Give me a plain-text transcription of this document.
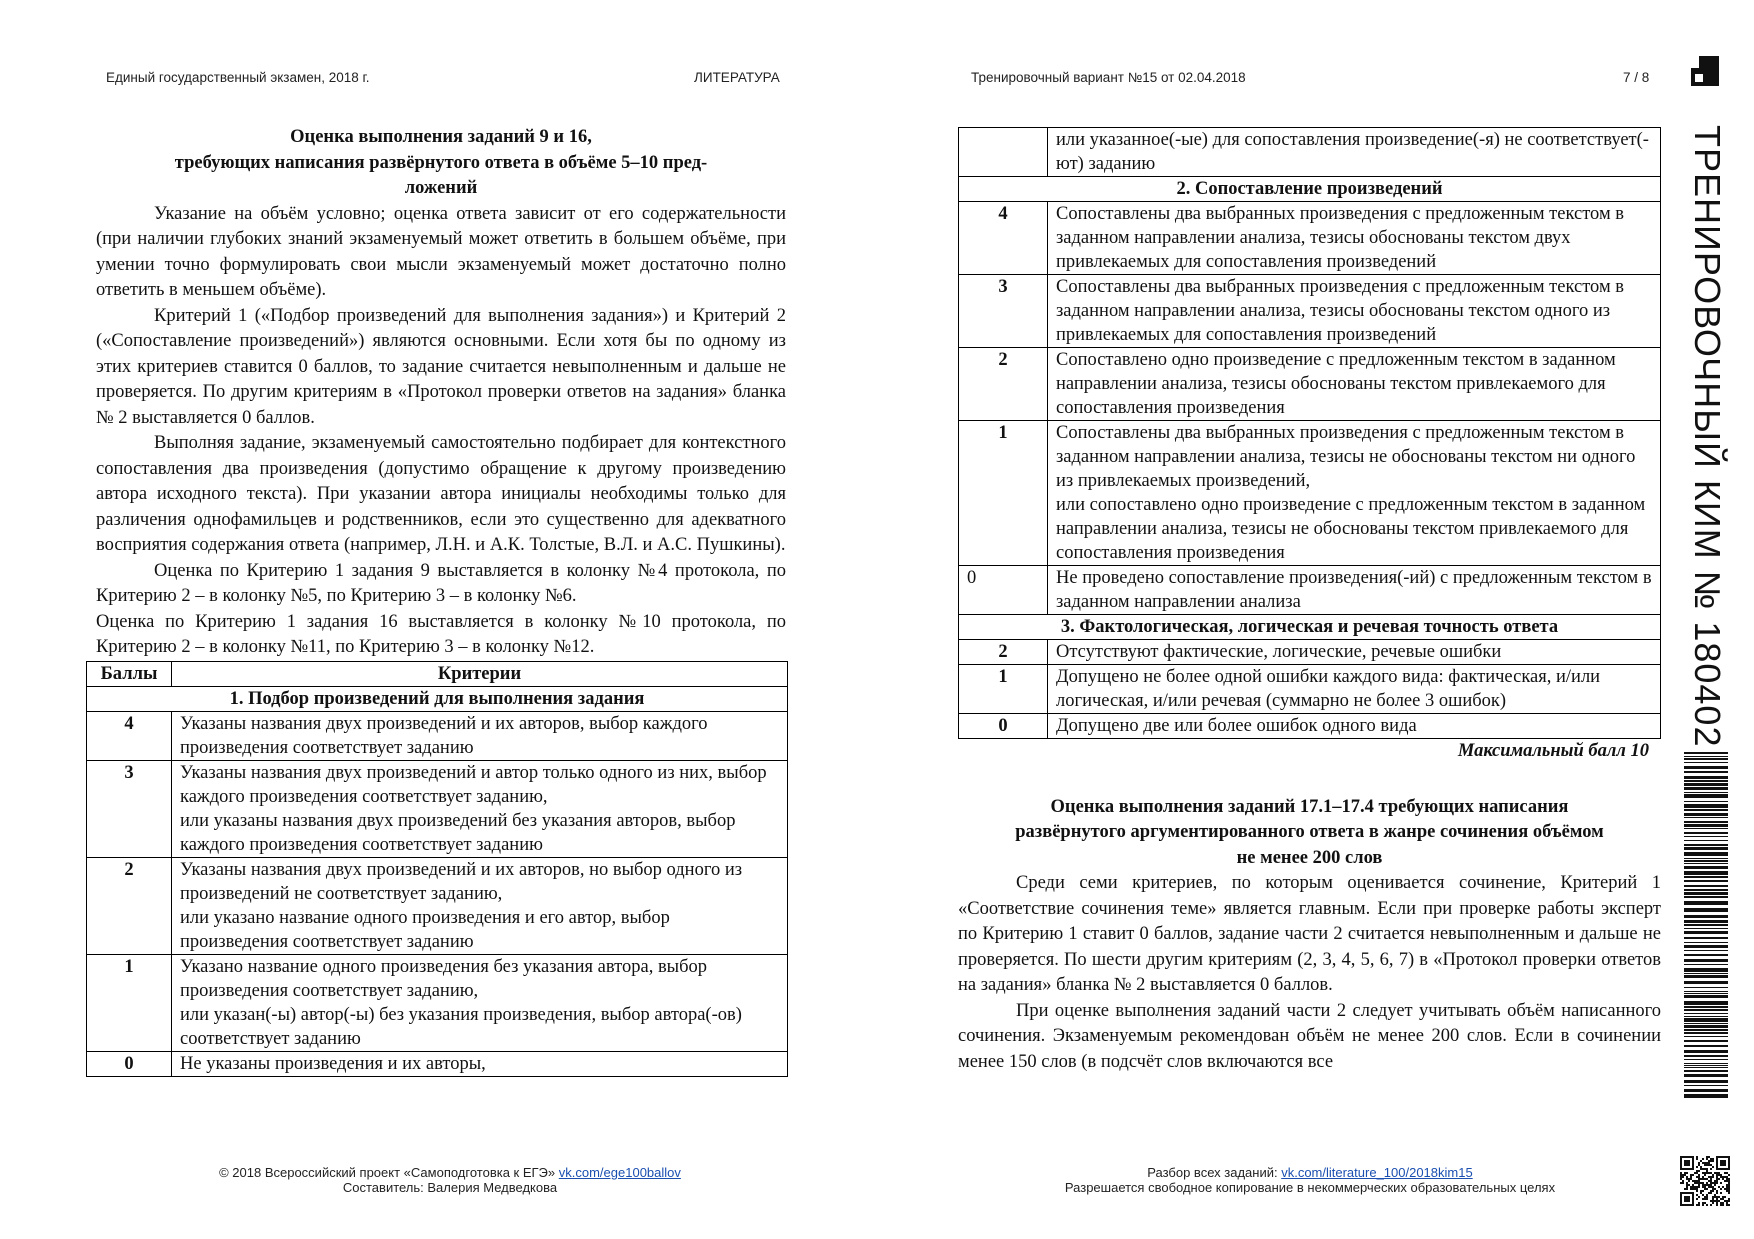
Единый государственный экзамен, 2018 г.	ЛИТЕРАТУРА	Тренировочный вариант №15 от 02.04.2018	7 / 8
Оценка выполнения заданий 9 и 16,
требующих написания развёрнутого ответа в объёме 5–10 пред-
ложений

Указание на объём условно; оценка ответа зависит от его содержательности (при наличии глубоких знаний экзаменуемый может ответить в большем объёме, при умении точно формулировать свои мысли экзаменуемый может достаточно полно ответить в меньшем объёме).

Критерий 1 («Подбор произведений для выполнения задания») и Критерий 2 («Сопоставление произведений») являются основными. Если хотя бы по одному из этих критериев ставится 0 баллов, то задание считается невыполненным и дальше не проверяется. По другим критериям в «Протокол проверки ответов на задания» бланка № 2 выставляется 0 баллов.

Выполняя задание, экзаменуемый самостоятельно подбирает для контекстного сопоставления два произведения (допустимо обращение к другому произведению автора исходного текста). При указании автора инициалы необходимы только для различения однофамильцев и родственников, если это существенно для адекватного восприятия содержания ответа (например, Л.Н. и А.К. Толстые, В.Л. и А.С. Пушкины).

Оценка по Критерию 1 задания 9 выставляется в колонку №4 протокола, по Критерию 2 – в колонку №5, по Критерию 3 – в колонку №6.

Оценка по Критерию 1 задания 16 выставляется в колонку №10 протокола, по Критерию 2 – в колонку №11, по Критерию 3 – в колонку №12.

Баллы	Критерии
1. Подбор произведений для выполнения задания	
4	Указаны названия двух произведений и их авторов, выбор каждого произведения соответствует заданию

3	Указаны названия двух произведений и автор только одного из них, выбор каждого произведения соответствует заданию,
или указаны названия двух произведений без указания авторов, выбор каждого произведения соответствует заданию

2	Указаны названия двух произведений и их авторов, но выбор одного из произведений не соответствует заданию,
или указано название одного произведения и его автор, выбор произведения соответствует заданию

1	Указано название одного произведения без указания автора, выбор произведения соответствует заданию,
или указан(-ы) автор(-ы) без указания произведения, выбор автора(-ов) соответствует заданию

0	Не указаны произведения и их авторы,

	или указанное(-ые) для сопоставления произведение(-я) не соответствует(-ют) заданию

2. Сопоставление произведений	
4	Сопоставлены два выбранных произведения с предложенным текстом в заданном направлении анализа, тезисы обоснованы текстом двух привлекаемых для сопоставления произведений

3	Сопоставлены два выбранных произведения с предложенным текстом в заданном направлении анализа, тезисы обоснованы текстом одного из привлекаемых для сопоставления произведений

2	Сопоставлено одно произведение с предложенным текстом в заданном направлении анализа, тезисы обоснованы текстом привлекаемого для сопоставления произведения

1	Сопоставлены два выбранных произведения с предложенным текстом в заданном направлении анализа, тезисы не обоснованы текстом ни одного из привлекаемых произведений,
или сопоставлено одно произведение с предложенным текстом в заданном направлении анализа, тезисы не обоснованы текстом привлекаемого для сопоставления произведения

0	Не проведено сопоставление произведения(-ий) с предложенным текстом в заданном направлении анализа

3. Фактологическая, логическая и речевая точность ответа	
2	Отсутствуют фактические, логические, речевые ошибки

1	Допущено не более одной ошибки каждого вида: фактическая, и/или логическая, и/или речевая (суммарно не более 3 ошибок)

0	Допущено две или более ошибок одного вида
Максимальный балл 10
Оценка выполнения заданий 17.1–17.4 требующих написания
развёрнутого аргументированного ответа в жанре сочинения объёмом
не менее 200 слов

Среди семи критериев, по которым оценивается сочинение, Критерий 1 «Соответствие сочинения теме» является главным. Если при проверке работы эксперт по Критерию 1 ставит 0 баллов, задание части 2 считается невыполненным и дальше не проверяется. По шести другим критериям (2, 3, 4, 5, 6, 7) в «Протокол проверки ответов на задания» бланка № 2 выставляется 0 баллов.

При оценке выполнения заданий части 2 следует учитывать объём написанного сочинения. Экзаменуемым рекомендован объём не менее 200 слов. Если в сочинении менее 150 слов (в подсчёт слов включаются все

© 2018 Всероссийский проект «Самоподготовка к ЕГЭ» vk.com/ege100ballov
Составитель: Валерия Медведкова
Разбор всех заданий: vk.com/literature_100/2018kim15
Разрешается свободное копирование в некоммерческих образовательных целях
ТРЕНИРОВОЧНЫЙ КИМ № 180402
